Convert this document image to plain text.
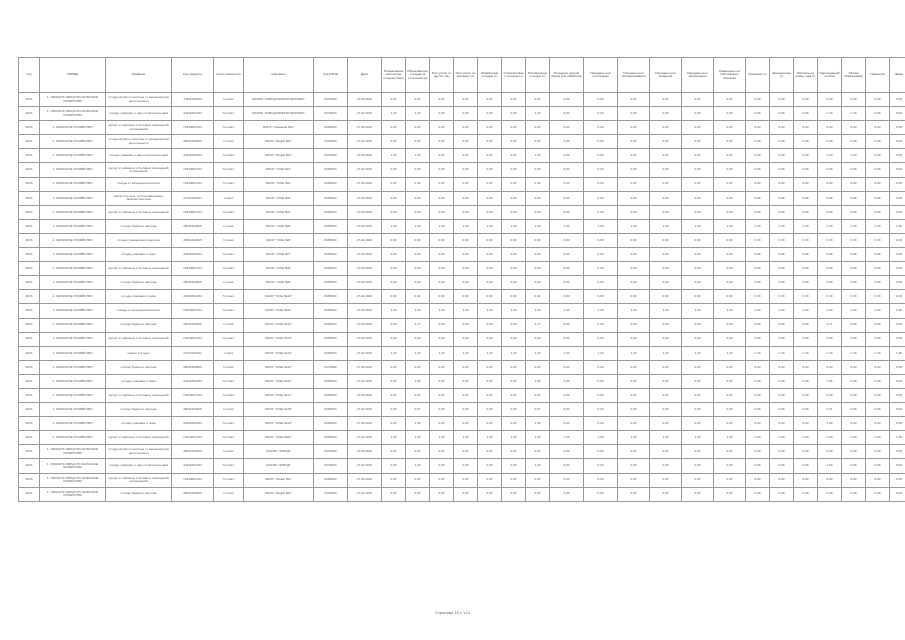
Год	ОКВЭД	Название	Код продукта	Класс опасности	Описание	Код ОКПД	Дата	Нормативное количество отходов (тонн)	Образовалось отходов за отчётный год	Поступило от других лиц	Поступило по договору (т)	Обработано отходов (т)	Утилизировано отходов (т)	Обезврежено отходов (т)	Передано другим лицам для обработки	Передано для утилизации	Передано для обезвреживания	Передано для хранения	Передано для захоронения	Размещено на собственных объектах	Хранение (т)	Захоронение (т)	Наличие на конец года (т)	Переходящий остаток	Объём образования	Норматив	Лимит
2016	1. ОБЛАСТЬ ОБЛАСТИ СЕЛЬСКОЕ ХОЗЯЙСТВО	отходы бумаги и картона от канцелярской деятельности	73511100000	V класс	МАКИО "ЗАВОД РЕЗИНОТЕХНИКИ"	5476000	27.02.2016	0,00	0,00	0,00	0,00	0,00	0,00	0,00	0,00	0,00	0,00	0,00	0,00	0,00	0,00	0,00	0,00	0,00	0,00	0,00	0,00
2016	1. ОБЛАСТЬ ОБЛАСТИ СЕЛЬСКОЕ ХОЗЯЙСТВО	отходы упаковки и тары полиэтиленовой	43411001204	IV класс	МАКИО "ЗАВОД РЕЗИНОТЕХНИКИ"	5476000	27.02.2016	1,20	1,20	0,00	0,00	0,00	0,00	1,20	0,00	0,00	0,00	0,00	0,00	0,00	0,00	0,00	0,00	1,20	1,20	0,00	0,00
2016	1. СЕЛЬСКОЕ ХОЗЯЙСТВО	мусор от офисных и бытовых помещений организаций	73310001724	IV класс	МАОУ "Гимназия №1"	8456000	27.02.2016	0,00	0,00	0,00	0,00	0,00	0,00	0,00	0,00	0,00	0,00	0,00	0,00	0,00	0,00	0,00	0,00	0,00	0,00	0,00	0,00
2016	1. СЕЛЬСКОЕ ХОЗЯЙСТВО	отходы бумаги и картона от канцелярской деятельности	40511202605	V класс	МАОУ "Лицей №2"	5476000	27.02.2016	0,00	0,00	0,00	0,00	0,00	0,00	0,00	0,00	0,00	0,00	0,00	0,00	0,00	0,00	0,00	0,00	0,00	0,00	0,00	0,00
2016	1. СЕЛЬСКОЕ ХОЗЯЙСТВО	отходы упаковки и тары полиэтиленовой	43411001204	IV класс	МАОУ "Лицей №2"	5476000	27.02.2016	1,20	1,20	0,00	0,00	0,00	0,00	1,20	0,00	0,00	0,00	0,00	0,00	0,00	0,00	0,00	0,00	1,20	1,20	0,00	0,00
2016	1. СЕЛЬСКОЕ ХОЗЯЙСТВО	мусор от офисных и бытовых помещений организаций	73310001724	IV класс	МАОУ "СОШ №1"	8456000	27.02.2016	0,00	0,00	0,00	0,00	0,00	0,00	0,00	0,00	0,00	0,00	0,00	0,00	0,00	0,00	0,00	0,00	0,00	0,00	0,00	0,00
2016	1. СЕЛЬСКОЕ ХОЗЯЙСТВО	отходы от жизнедеятельности	73310001724	IV класс	МАОУ "СОШ №2"	8456000	27.02.2016	0,00	0,44	0,00	0,00	0,00	0,00	0,44	0,00	0,00	0,00	0,00	0,00	0,00	0,00	0,00	0,00	0,00	0,00	0,00	0,00
2016	1. СЕЛЬСКОЕ ХОЗЯЙСТВО	лампы ртутные, ртутно-кварцевые, люминесцентные	47110101521	I класс	МАОУ "СОШ №3"	8456000	27.02.2016	0,00	0,00	0,00	0,00	0,00	0,00	0,00	0,00	0,00	0,00	0,00	0,00	0,00	0,00	0,00	0,00	0,00	0,00	0,00	0,00
2016	1. СЕЛЬСКОЕ ХОЗЯЙСТВО	мусор от офисных и бытовых помещений	73310001724	IV класс	МАОУ "СОШ №4"	8456000	27.02.2016	0,00	0,00	0,00	0,00	0,00	0,00	0,00	0,00	0,00	0,00	0,00	0,00	0,00	0,00	0,00	0,00	0,00	0,00	0,00	0,00
2016	1. СЕЛЬСКОЕ ХОЗЯЙСТВО	отходы бумаги и картона	40511202605	V класс	МАОУ "СОШ №5"	8456000	27.02.2016	1,20	1,20	1,20	1,20	1,20	1,20	1,20	1,20	1,20	1,20	1,20	1,20	1,20	1,20	1,20	1,20	1,20	1,20	1,20	1,20
2016	1. СЕЛЬСКОЕ ХОЗЯЙСТВО	отходы упаковочного картона	40511202605	V класс	МАОУ "СОШ №6"	8456000	27.02.2016	0,00	0,00	0,00	0,00	0,00	0,00	0,00	0,00	0,00	0,00	0,00	0,00	0,00	0,00	0,00	0,00	0,00	0,00	0,00	0,00
2016	1. СЕЛЬСКОЕ ХОЗЯЙСТВО	отходы упаковки и тары	43411001204	IV класс	МАОУ "СОШ №7"	8456000	27.02.2016	0,00	0,00	0,00	0,00	0,00	0,00	0,00	0,00	0,00	0,00	0,00	0,00	0,00	0,00	0,00	0,00	0,00	0,00	0,00	0,00
2016	1. СЕЛЬСКОЕ ХОЗЯЙСТВО	мусор от офисных и бытовых помещений	73310001724	IV класс	МАОУ "СОШ №8"	8456000	27.02.2016	0,00	0,00	0,00	0,00	0,00	0,00	0,00	0,00	0,00	0,00	0,00	0,00	0,00	0,00	0,00	0,00	0,00	0,00	0,00	0,00
2016	1. СЕЛЬСКОЕ ХОЗЯЙСТВО	отходы бумаги и картона	40511202605	V класс	МАОУ "СОШ №9"	8456000	27.02.2016	0,00	0,00	0,00	0,00	0,00	0,00	0,00	0,00	0,00	0,00	0,00	0,00	0,00	0,00	0,00	0,00	0,00	0,00	0,00	0,00
2016	1. СЕЛЬСКОЕ ХОЗЯЙСТВО	отходы упаковки и тары	43411001204	IV класс	МАОУ "СОШ №10"	8456000	27.02.2016	0,00	0,40	0,00	0,00	0,00	0,00	0,40	0,00	0,00	0,00	0,00	0,00	0,00	0,00	0,00	0,00	0,40	0,00	0,00	0,00
2016	1. СЕЛЬСКОЕ ХОЗЯЙСТВО	отходы от жизнедеятельности	73310001724	IV класс	МАОУ "СОШ №11"	8456000	27.02.2016	1,20	1,20	1,20	1,20	1,20	1,20	1,20	1,20	1,20	1,20	1,20	1,20	1,20	1,20	1,20	1,20	1,20	1,20	1,20	1,20
2016	1. СЕЛЬСКОЕ ХОЗЯЙСТВО	отходы бумаги и картона	40511202605	V класс	МАОУ "СОШ №12"	8456000	27.02.2016	0,00	1,77	0,00	0,00	0,00	0,00	1,77	0,00	0,00	0,00	0,00	0,00	0,00	0,00	0,00	0,00	1,77	0,00	0,00	0,00
2016	1. СЕЛЬСКОЕ ХОЗЯЙСТВО	мусор от офисных и бытовых помещений	73310001724	IV класс	МАОУ "СОШ №13"	8456000	27.02.2016	0,00	0,00	0,00	0,00	0,00	0,00	0,00	0,00	0,00	0,00	0,00	0,00	0,00	0,00	0,00	0,00	0,00	0,00	0,00	0,00
2016	1. СЕЛЬСКОЕ ХОЗЯЙСТВО	лампы ртутные	47110101521	I класс	МАОУ "СОШ №14"	8456000	27.02.2016	1,20	1,20	1,20	1,20	1,20	1,20	1,20	1,20	1,20	1,20	1,20	1,20	1,20	1,20	1,20	1,20	1,20	1,20	1,20	1,20
2016	1. СЕЛЬСКОЕ ХОЗЯЙСТВО	отходы бумаги и картона	40511202605	V класс	МАОУ "СОШ №15"	5476000	27.02.2016	0,00	0,00	0,00	0,00	0,00	0,00	0,00	0,00	0,00	0,00	0,00	0,00	0,00	0,00	0,00	0,00	0,00	0,00	0,00	0,00
2016	1. СЕЛЬСКОЕ ХОЗЯЙСТВО	отходы упаковки и тары	43411001204	IV класс	МАОУ "СОШ №16"	8456000	27.02.2016	0,00	1,06	0,00	0,00	0,00	0,00	1,06	0,00	0,00	0,00	0,00	0,00	0,00	0,00	0,00	0,00	1,06	0,00	0,00	0,00
2016	1. СЕЛЬСКОЕ ХОЗЯЙСТВО	мусор от офисных и бытовых помещений	73310001724	IV класс	МАОУ "СОШ №17"	8456000	27.02.2016	0,00	0,00	0,00	0,00	0,00	0,00	0,00	0,00	0,00	0,00	0,00	0,00	0,00	0,00	0,00	0,00	0,00	0,00	0,00	0,00
2016	1. СЕЛЬСКОЕ ХОЗЯЙСТВО	отходы бумаги и картона	40511202605	V класс	МАОУ "СОШ №18"	8456000	27.02.2016	0,00	0,67	0,00	0,00	0,00	0,00	0,67	0,00	0,00	0,00	0,00	0,00	0,00	0,00	0,00	0,00	0,67	0,00	0,00	0,00
2016	1. СЕЛЬСКОЕ ХОЗЯЙСТВО	отходы упаковки и тары	43411001204	IV класс	МАОУ "СОШ №19"	8456000	27.02.2016	0,00	1,50	0,00	0,00	0,00	0,00	1,50	0,00	0,00	0,00	0,00	0,00	0,00	0,00	0,00	0,00	1,50	0,00	0,00	0,00
2016	1. СЕЛЬСКОЕ ХОЗЯЙСТВО	мусор от офисных и бытовых помещений	73310001724	IV класс	МАОУ "СОШ №20"	8456000	27.02.2016	1,20	1,20	1,20	1,20	1,20	1,20	1,20	1,20	1,20	1,20	1,20	1,20	1,20	1,20	1,20	1,20	1,20	1,20	1,20	1,20
2016	1. ОБЛАСТЬ ОБЛАСТИ СЕЛЬСКОЕ ХОЗЯЙСТВО	отходы бумаги и картона от канцелярской деятельности	40511202605	V класс	МАКИО "ЗАВОД"	5476000	27.02.2016	0,00	0,00	0,00	0,00	0,00	0,00	0,00	0,00	0,00	0,00	0,00	0,00	0,00	0,00	0,00	0,00	0,00	0,00	0,00	0,00
2016	1. ОБЛАСТЬ ОБЛАСТИ СЕЛЬСКОЕ ХОЗЯЙСТВО	отходы упаковки и тары полиэтиленовой	43411001204	IV класс	МАКИО "ЗАВОД"	5476000	27.02.2016	0,00	1,00	0,00	0,00	0,00	0,00	1,00	0,00	0,00	0,00	0,00	0,00	0,00	0,00	0,00	0,00	1,00	0,00	0,00	0,00
2016	1. ОБЛАСТЬ ОБЛАСТИ СЕЛЬСКОЕ ХОЗЯЙСТВО	мусор от офисных и бытовых помещений организаций	73310001724	IV класс	МАОУ "Лицей №1"	8456000	27.02.2016	0,00	0,00	0,00	0,00	0,00	0,00	0,00	0,00	0,00	0,00	0,00	0,00	0,00	0,00	0,00	0,00	0,00	0,00	0,00	0,00
2016	1. ОБЛАСТЬ ОБЛАСТИ СЕЛЬСКОЕ ХОЗЯЙСТВО	отходы бумаги и картона	40511202605	V класс	МАОУ "Лицей №2"	5476000	27.02.2016	0,00	0,00	0,00	0,00	0,00	0,00	0,00	0,00	0,00	0,00	0,00	0,00	0,00	0,00	0,00	0,00	0,00	0,00	0,00	0,00
Страница 10 с 124
